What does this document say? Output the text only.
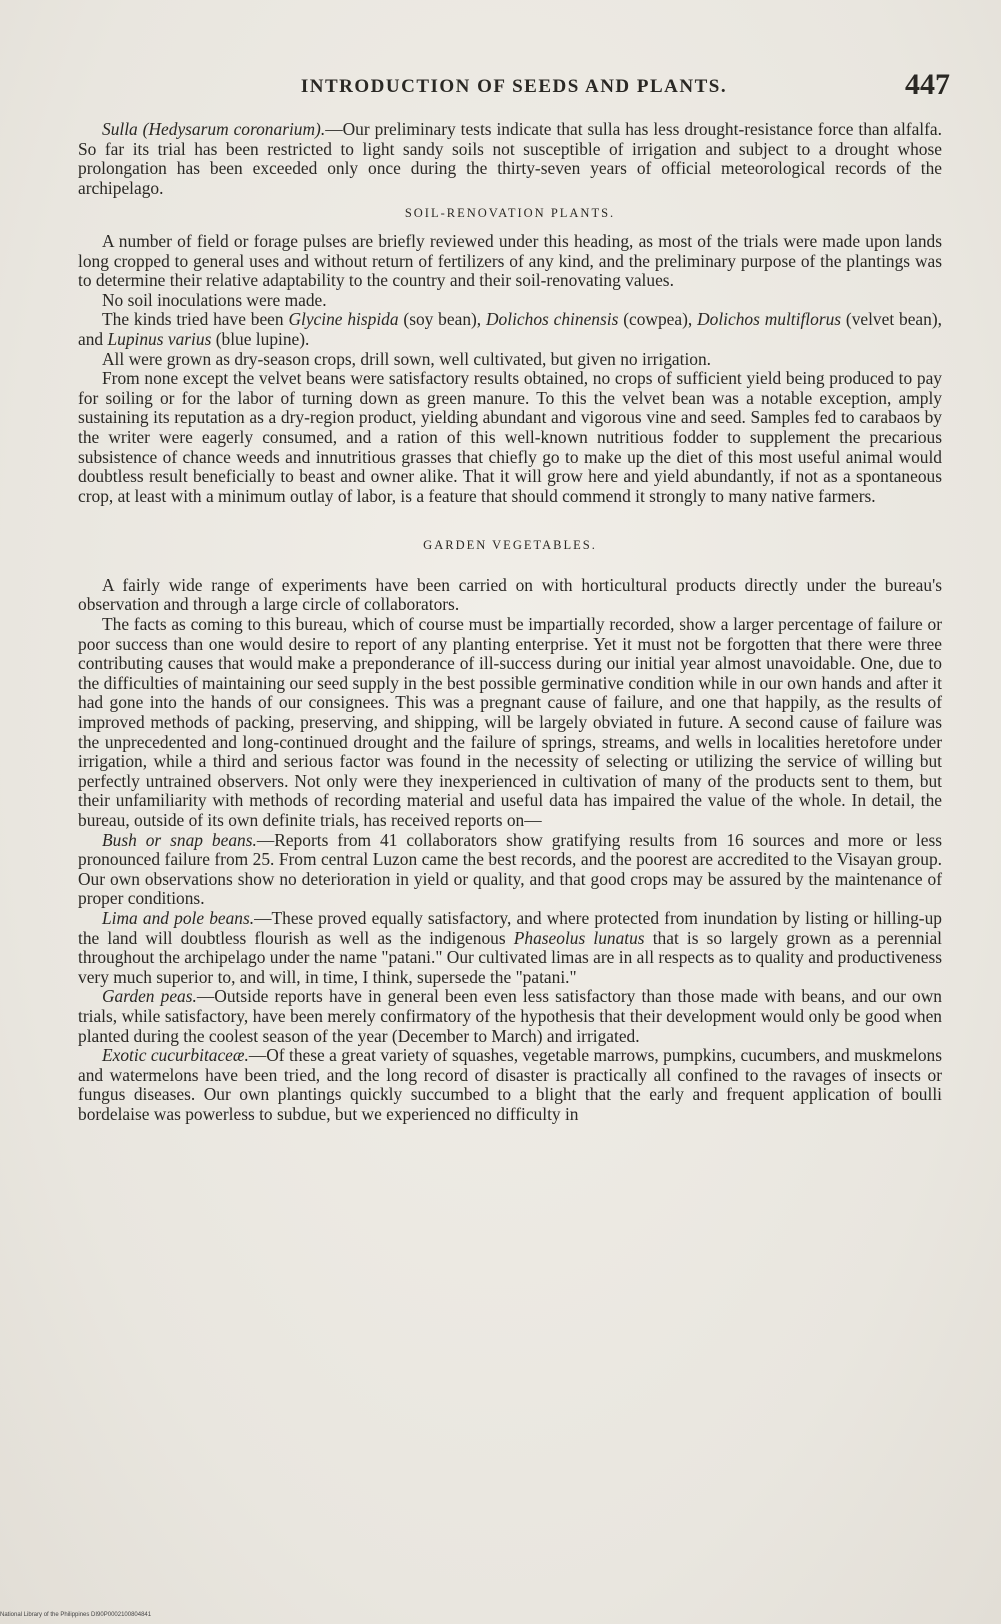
INTRODUCTION OF SEEDS AND PLANTS.	447

Sulla (Hedysarum coronarium).—Our preliminary tests indicate that sulla has less drought-resistance force than alfalfa. So far its trial has been restricted to light sandy soils not susceptible of irrigation and subject to a drought whose prolongation has been exceeded only once during the thirty-seven years of official meteorological records of the archipelago.

SOIL-RENOVATION PLANTS.

A number of field or forage pulses are briefly reviewed under this heading, as most of the trials were made upon lands long cropped to general uses and without return of fertilizers of any kind, and the preliminary purpose of the plantings was to determine their relative adaptability to the country and their soil-renovating values.

No soil inoculations were made.

The kinds tried have been Glycine hispida (soy bean), Dolichos chinensis (cowpea), Dolichos multiflorus (velvet bean), and Lupinus varius (blue lupine).

All were grown as dry-season crops, drill sown, well cultivated, but given no irrigation.

From none except the velvet beans were satisfactory results obtained, no crops of sufficient yield being produced to pay for soiling or for the labor of turning down as green manure. To this the velvet bean was a notable exception, amply sustaining its reputation as a dry-region product, yielding abundant and vigorous vine and seed. Samples fed to carabaos by the writer were eagerly consumed, and a ration of this well-known nutritious fodder to supplement the precarious subsistence of chance weeds and innutritious grasses that chiefly go to make up the diet of this most useful animal would doubtless result beneficially to beast and owner alike. That it will grow here and yield abundantly, if not as a spontaneous crop, at least with a minimum outlay of labor, is a feature that should commend it strongly to many native farmers.

GARDEN VEGETABLES.

A fairly wide range of experiments have been carried on with horticultural products directly under the bureau's observation and through a large circle of collaborators.

The facts as coming to this bureau, which of course must be impartially recorded, show a larger percentage of failure or poor success than one would desire to report of any planting enterprise. Yet it must not be forgotten that there were three contributing causes that would make a preponderance of ill-success during our initial year almost unavoidable. One, due to the difficulties of maintaining our seed supply in the best possible germinative condition while in our own hands and after it had gone into the hands of our consignees. This was a pregnant cause of failure, and one that happily, as the results of improved methods of packing, preserving, and shipping, will be largely obviated in future. A second cause of failure was the unprecedented and long-continued drought and the failure of springs, streams, and wells in localities heretofore under irrigation, while a third and serious factor was found in the necessity of selecting or utilizing the service of willing but perfectly untrained observers. Not only were they inexperienced in cultivation of many of the products sent to them, but their unfamiliarity with methods of recording material and useful data has impaired the value of the whole. In detail, the bureau, outside of its own definite trials, has received reports on—

Bush or snap beans.—Reports from 41 collaborators show gratifying results from 16 sources and more or less pronounced failure from 25. From central Luzon came the best records, and the poorest are accredited to the Visayan group. Our own observations show no deterioration in yield or quality, and that good crops may be assured by the maintenance of proper conditions.

Lima and pole beans.—These proved equally satisfactory, and where protected from inundation by listing or hilling-up the land will doubtless flourish as well as the indigenous Phaseolus lunatus that is so largely grown as a perennial throughout the archipelago under the name "patani." Our cultivated limas are in all respects as to quality and productiveness very much superior to, and will, in time, I think, supersede the "patani."

Garden peas.—Outside reports have in general been even less satisfactory than those made with beans, and our own trials, while satisfactory, have been merely confirmatory of the hypothesis that their development would only be good when planted during the coolest season of the year (December to March) and irrigated.

Exotic cucurbitaceæ.—Of these a great variety of squashes, vegetable marrows, pumpkins, cucumbers, and muskmelons and watermelons have been tried, and the long record of disaster is practically all confined to the ravages of insects or fungus diseases. Our own plantings quickly succumbed to a blight that the early and frequent application of boulli bordelaise was powerless to subdue, but we experienced no difficulty in

National Library of the Philippines DI90P0002100804841
